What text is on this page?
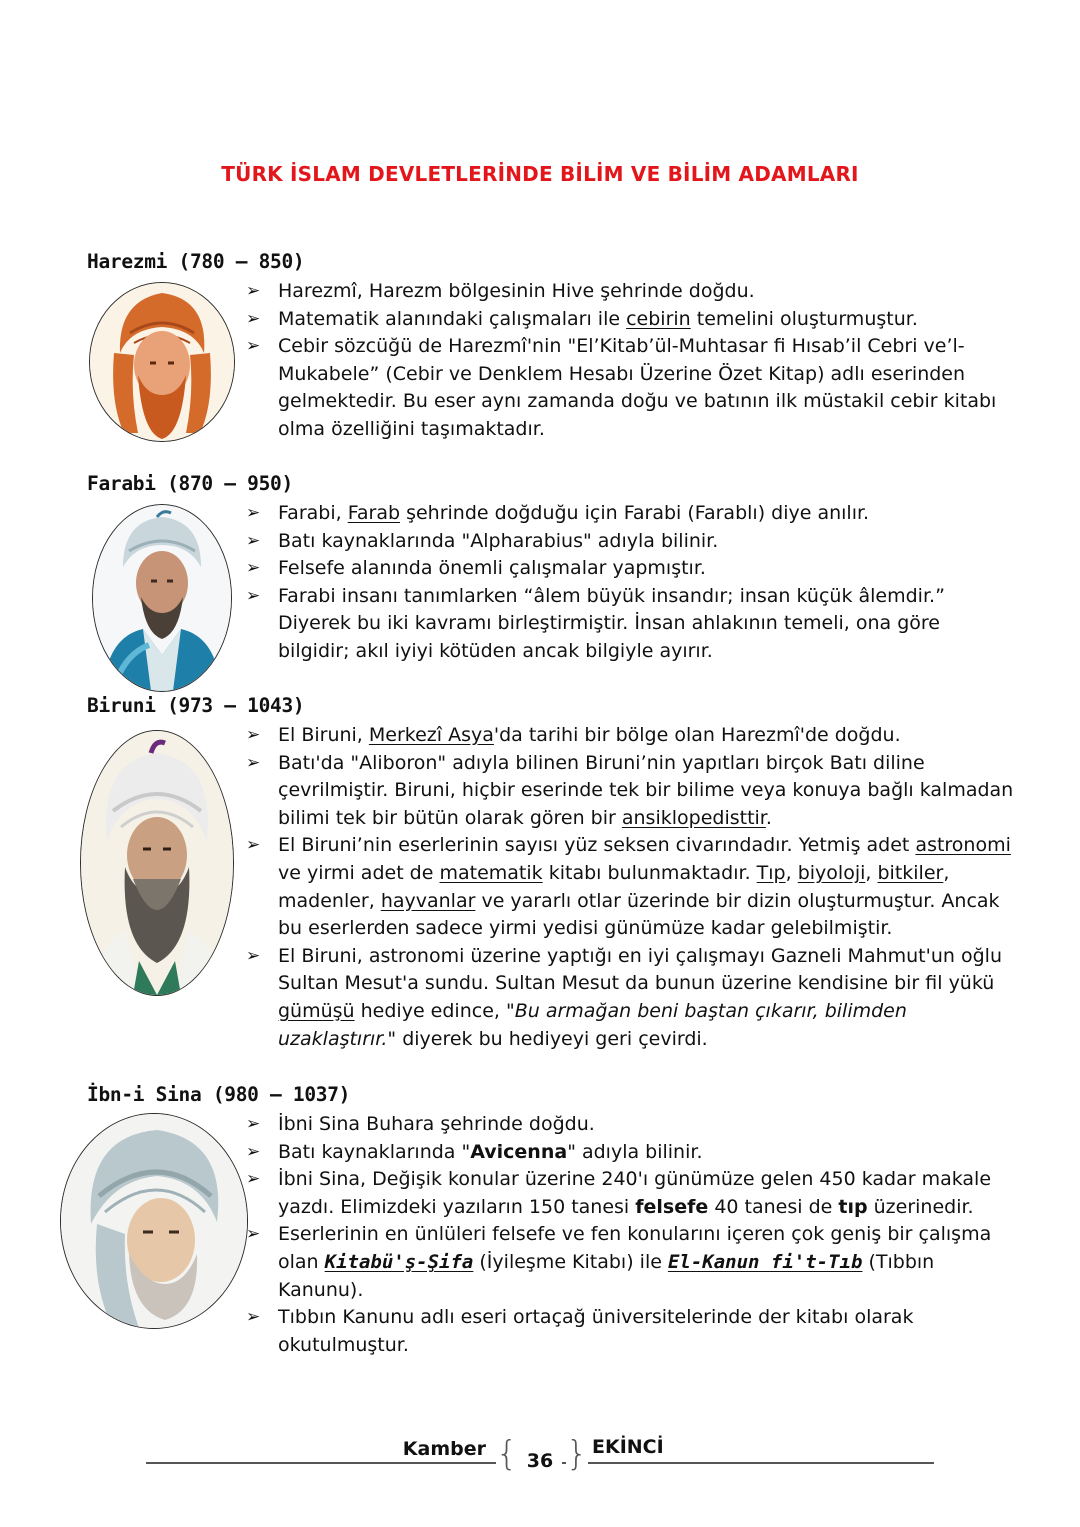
TÜRK İSLAM DEVLETLERİNDE BİLİM VE BİLİM ADAMLARI
Harezmi (780 – 850)
➢ Harezmî, Harezm bölgesinin Hive şehrinde doğdu.
➢ Matematik alanındaki çalışmaları ile cebirin temelini oluşturmuştur.
➢ Cebir sözcüğü de Harezmî'nin "El’Kitab’ül-Muhtasar fi Hısab’il Cebri ve’l-Mukabele” (Cebir ve Denklem Hesabı Üzerine Özet Kitap) adlı eserinden gelmektedir. Bu eser aynı zamanda doğu ve batının ilk müstakil cebir kitabı olma özelliğini taşımaktadır.
Farabi (870 – 950)
➢ Farabi, Farab şehrinde doğduğu için Farabi (Farablı) diye anılır.
➢ Batı kaynaklarında "Alpharabius" adıyla bilinir.
➢ Felsefe alanında önemli çalışmalar yapmıştır.
➢ Farabi insanı tanımlarken “âlem büyük insandır; insan küçük âlemdir.” Diyerek bu iki kavramı birleştirmiştir. İnsan ahlakının temeli, ona göre bilgidir; akıl iyiyi kötüden ancak bilgiyle ayırır.
Biruni (973 – 1043)
➢ El Biruni, Merkezî Asya'da tarihi bir bölge olan Harezmî'de doğdu.
➢ Batı'da "Aliboron" adıyla bilinen Biruni’nin yapıtları birçok Batı diline çevrilmiştir. Biruni, hiçbir eserinde tek bir bilime veya konuya bağlı kalmadan bilimi tek bir bütün olarak gören bir ansiklopedisttir.
➢ El Biruni’nin eserlerinin sayısı yüz seksen civarındadır. Yetmiş adet astronomi ve yirmi adet de matematik kitabı bulunmaktadır. Tıp, biyoloji, bitkiler, madenler, hayvanlar ve yararlı otlar üzerinde bir dizin oluşturmuştur. Ancak bu eserlerden sadece yirmi yedisi günümüze kadar gelebilmiştir.
➢ El Biruni, astronomi üzerine yaptığı en iyi çalışmayı Gazneli Mahmut'un oğlu Sultan Mesut'a sundu. Sultan Mesut da bunun üzerine kendisine bir fil yükü gümüşü hediye edince, "Bu armağan beni baştan çıkarır, bilimden uzaklaştırır." diyerek bu hediyeyi geri çevirdi.
İbn-i Sina (980 – 1037)
➢ İbni Sina Buhara şehrinde doğdu.
➢ Batı kaynaklarında "Avicenna" adıyla bilinir.
➢ İbni Sina, Değişik konular üzerine 240'ı günümüze gelen 450 kadar makale yazdı. Elimizdeki yazıların 150 tanesi felsefe 40 tanesi de tıp üzerinedir.
➢ Eserlerinin en ünlüleri felsefe ve fen konularını içeren çok geniş bir çalışma olan Kitabü'ş-Şifa (İyileşme Kitabı) ile El-Kanun fi't-Tıb (Tıbbın Kanunu).
➢ Tıbbın Kanunu adlı eseri ortaçağ üniversitelerinde der kitabı olarak okutulmuştur.
Kamber { 36 } EKİNCİ
